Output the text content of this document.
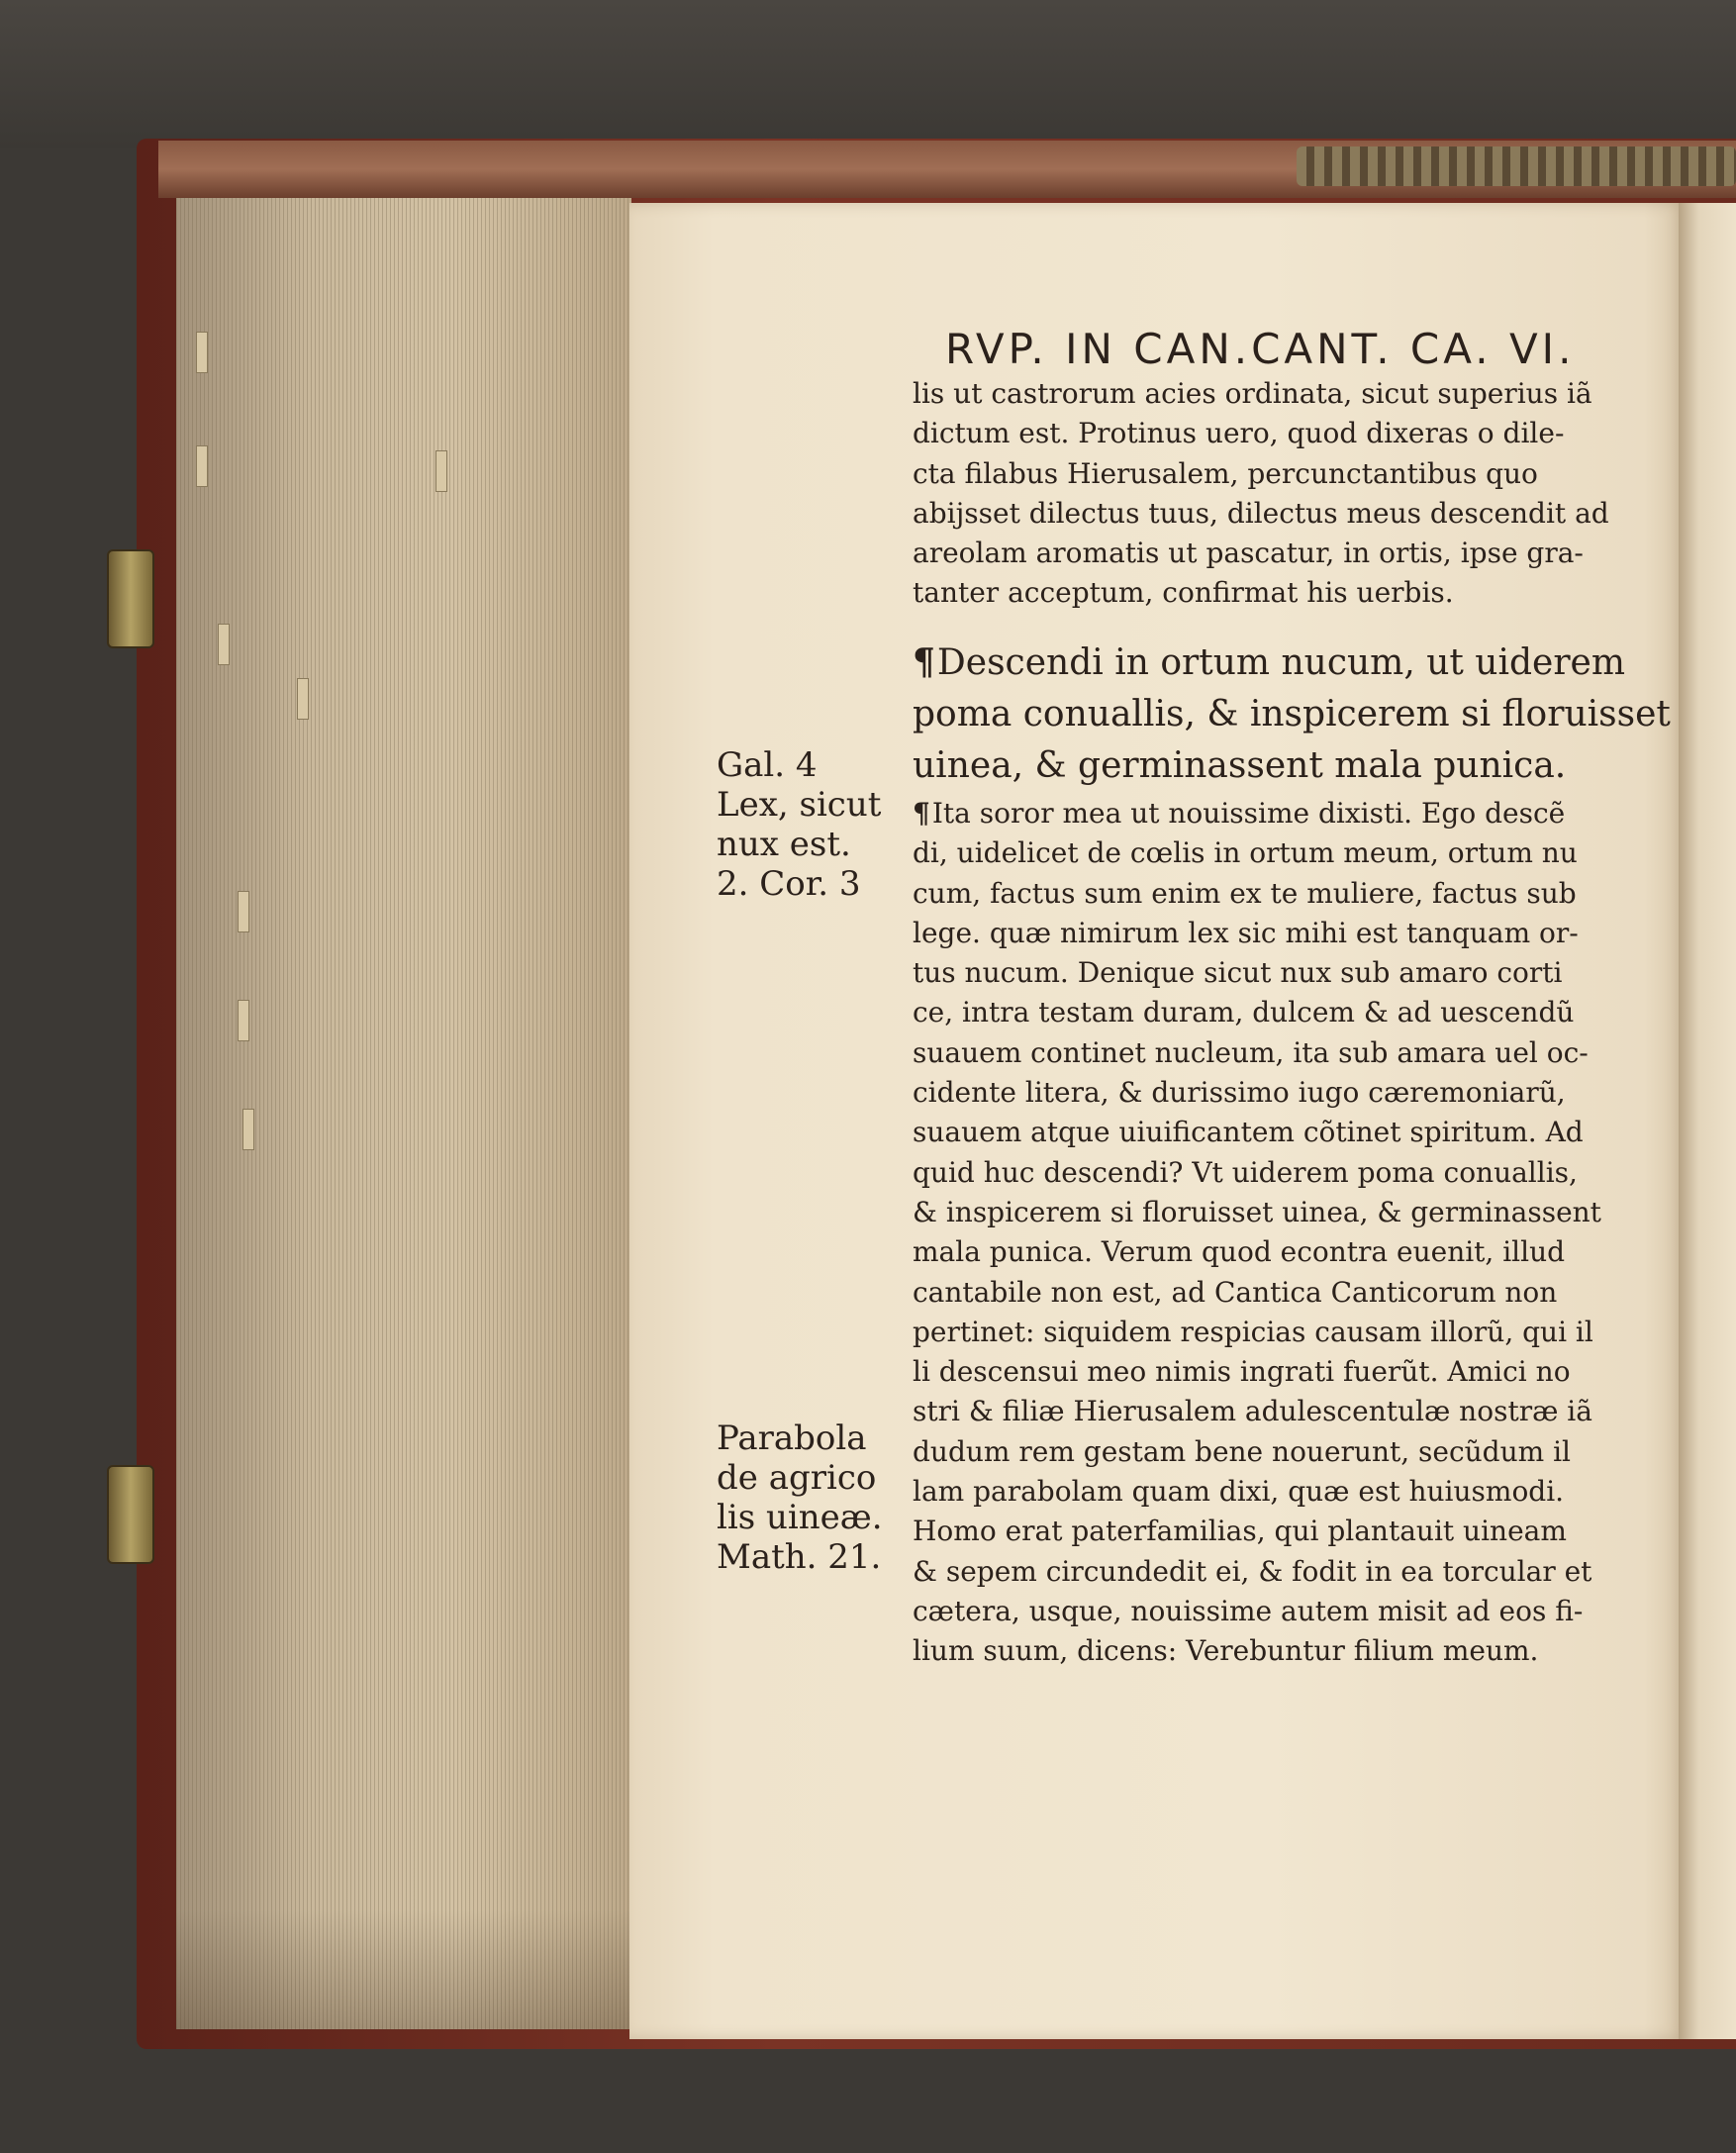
RVP. IN CAN.CANT. CA. VI.
lis ut castrorum acies ordinata, sicut superius iã
dictum est. Protinus uero, quod dixeras o dile-
cta filabus Hierusalem, percunctantibus quo
abijsset dilectus tuus, dilectus meus descendit ad
areolam aromatis ut pascatur, in ortis, ipse gra-
tanter acceptum, confirmat his uerbis.
¶Descendi in ortum nucum, ut uiderem
poma conuallis, & inspicerem si floruisset
uinea, & germinassent mala punica.
¶Ita soror mea ut nouissime dixisti. Ego descẽ
di, uidelicet de cœlis in ortum meum, ortum nu
cum, factus sum enim ex te muliere, factus sub
lege. quæ nimirum lex sic mihi est tanquam or-
tus nucum. Denique sicut nux sub amaro corti
ce, intra testam duram, dulcem & ad uescendũ
suauem continet nucleum, ita sub amara uel oc-
cidente litera, & durissimo iugo cæremoniarũ,
suauem atque uiuificantem cõtinet spiritum. Ad
quid huc descendi? Vt uiderem poma conuallis,
& inspicerem si floruisset uinea, & germinassent
mala punica. Verum quod econtra euenit, illud
cantabile non est, ad Cantica Canticorum non
pertinet: siquidem respicias causam illorũ, qui il
li descensui meo nimis ingrati fuerũt. Amici no
stri & filiæ Hierusalem adulescentulæ nostræ iã
dudum rem gestam bene nouerunt, secũdum il
lam parabolam quam dixi, quæ est huiusmodi.
Homo erat paterfamilias, qui plantauit uineam
& sepem circundedit ei, & fodit in ea torcular et
cætera, usque, nouissime autem misit ad eos fi-
lium suum, dicens: Verebuntur filium meum.
Gal. 4
Lex, sicut
nux est.
2. Cor. 3
Parabola
de agrico
lis uineæ.
Math. 21.
